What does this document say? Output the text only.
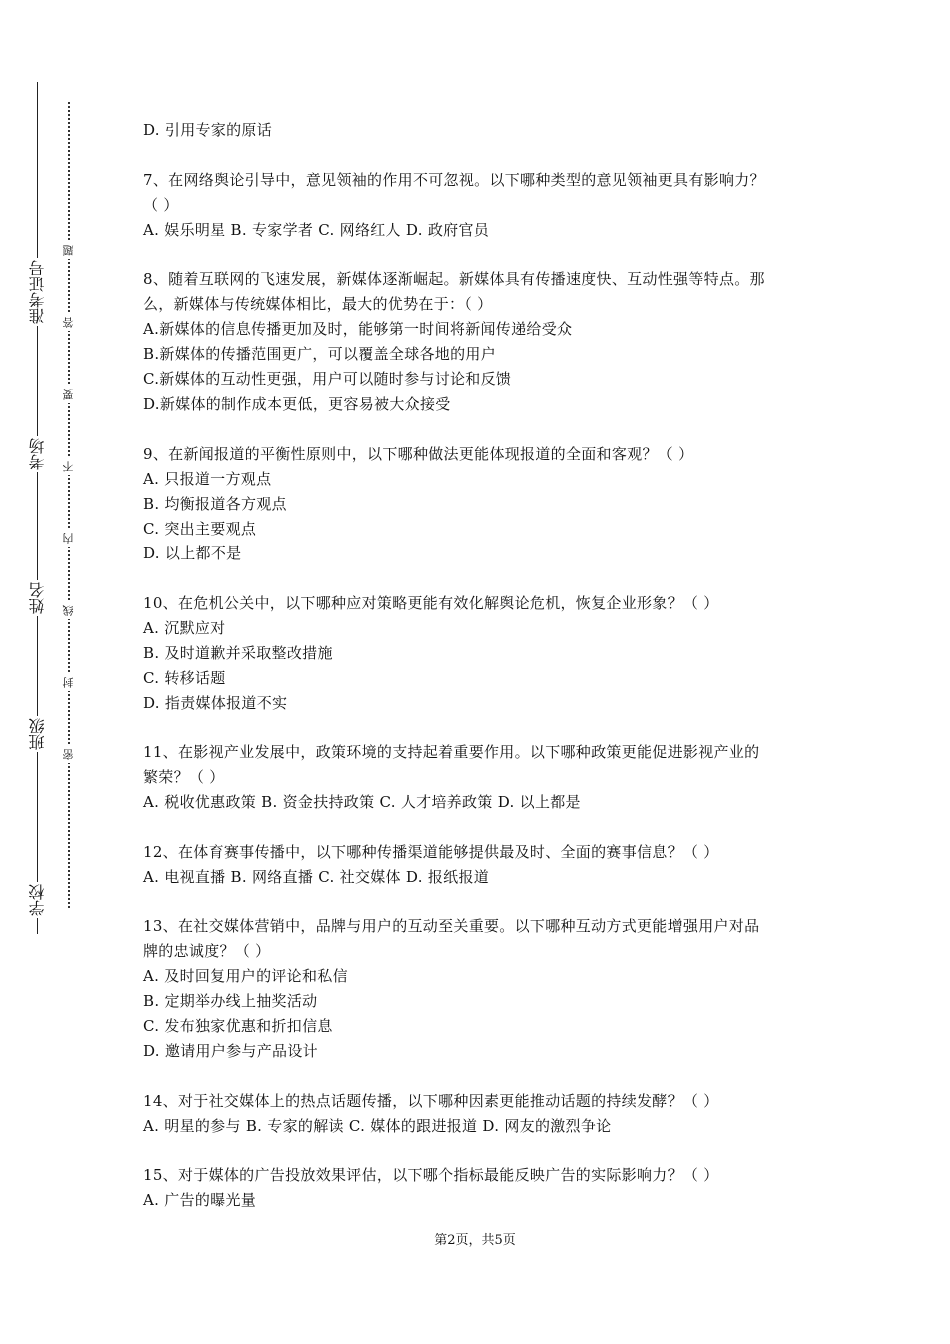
准考证号
考场
姓名
班级
学校
题
答
要
不
内
线
封
密
D. 引用专家的原话
7、在网络舆论引导中，意见领袖的作用不可忽视。以下哪种类型的意见领袖更具有影响力？
（ ）
A. 娱乐明星 B. 专家学者 C. 网络红人 D. 政府官员
8、随着互联网的飞速发展，新媒体逐渐崛起。新媒体具有传播速度快、互动性强等特点。那
么，新媒体与传统媒体相比，最大的优势在于：（ ）
A.新媒体的信息传播更加及时，能够第一时间将新闻传递给受众
B.新媒体的传播范围更广，可以覆盖全球各地的用户
C.新媒体的互动性更强，用户可以随时参与讨论和反馈
D.新媒体的制作成本更低，更容易被大众接受
9、在新闻报道的平衡性原则中，以下哪种做法更能体现报道的全面和客观？（ ）
A. 只报道一方观点
B. 均衡报道各方观点
C. 突出主要观点
D. 以上都不是
10、在危机公关中，以下哪种应对策略更能有效化解舆论危机，恢复企业形象？（ ）
A. 沉默应对
B. 及时道歉并采取整改措施
C. 转移话题
D. 指责媒体报道不实
11、在影视产业发展中，政策环境的支持起着重要作用。以下哪种政策更能促进影视产业的
繁荣？（ ）
A. 税收优惠政策 B. 资金扶持政策 C. 人才培养政策 D. 以上都是
12、在体育赛事传播中，以下哪种传播渠道能够提供最及时、全面的赛事信息？（ ）
A. 电视直播 B. 网络直播 C. 社交媒体 D. 报纸报道
13、在社交媒体营销中，品牌与用户的互动至关重要。以下哪种互动方式更能增强用户对品
牌的忠诚度？（ ）
A. 及时回复用户的评论和私信
B. 定期举办线上抽奖活动
C. 发布独家优惠和折扣信息
D. 邀请用户参与产品设计
14、对于社交媒体上的热点话题传播，以下哪种因素更能推动话题的持续发酵？（ ）
A. 明星的参与 B. 专家的解读 C. 媒体的跟进报道 D. 网友的激烈争论
15、对于媒体的广告投放效果评估，以下哪个指标最能反映广告的实际影响力？（ ）
A. 广告的曝光量
第2页，共5页
